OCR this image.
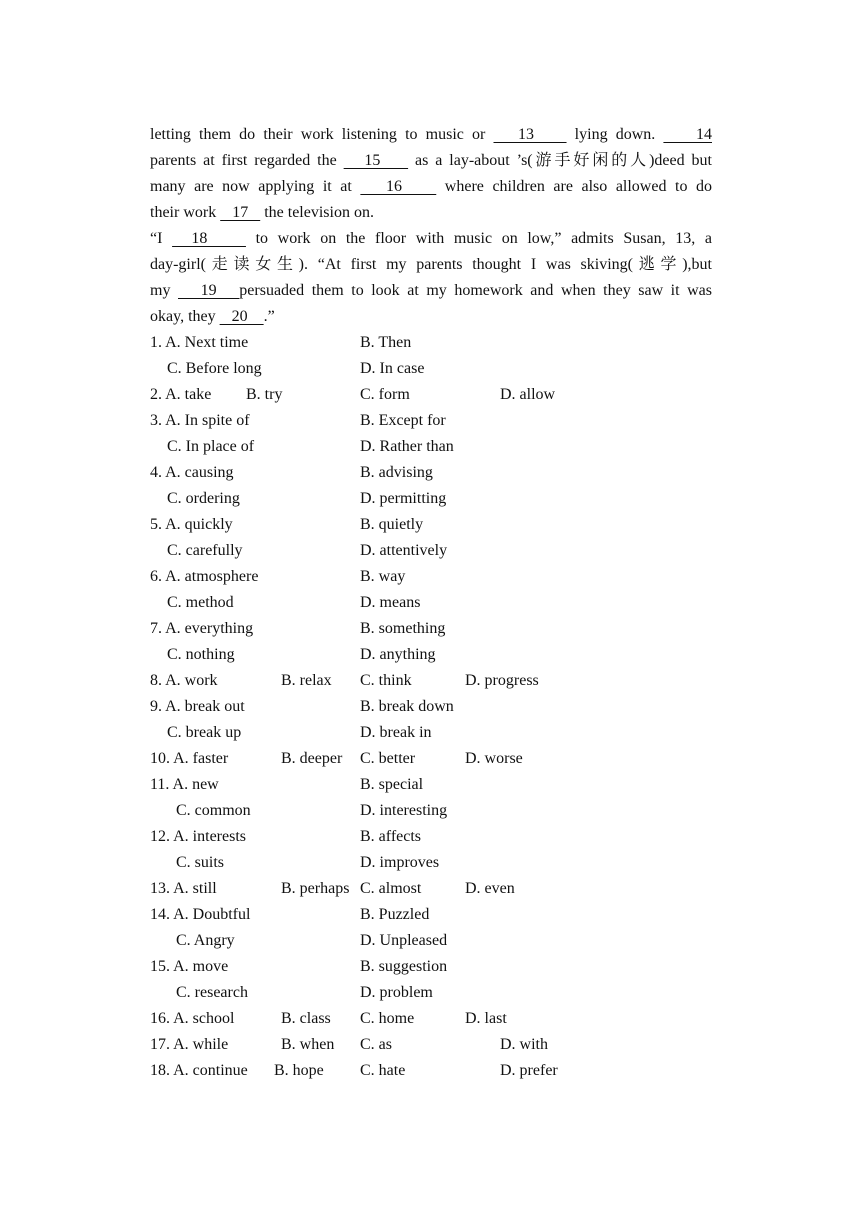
letting them do their work listening to music or    13     lying down.     14
parents at first regarded the    15     as a lay-about ’s(游手好闲的人)deed but
many are now applying it at    16     where children are also allowed to do
their work    17    the television on.
“I   18     to work on the floor with music on low,” admits Susan, 13, a
day-girl(走读女生). “At first my parents thought I was skiving(逃学),but
my    19   persuaded them to look at my homework and when they saw it was
okay, they    20    .”
1. A. Next time	B. Then
C. Before long	D. In case
2. A. take B. try	C. form	D. allow
3. A. In spite of	B. Except for
C. In place of	D. Rather than
4. A. causing	B. advising
C. ordering	D. permitting
5. A. quickly	B. quietly
C. carefully	D. attentively
6. A. atmosphere	B. way
C. method	D. means
7. A. everything	B. something
C. nothing	D. anything
8. A. work	B. relax C. think	D. progress
9. A. break out	B. break down
C. break up	D. break in
10. A. faster	B. deeper C. better	D. worse
11. A. new	B. special
C. common	D. interesting
12. A. interests	B. affects
C. suits	D. improves
13. A. still	B. perhaps C. almost	D. even
14. A. Doubtful	B. Puzzled
C. Angry	D. Unpleased
15. A. move	B. suggestion
C. research	D. problem
16. A. school	B. class C. home	D. last
17. A. while	B. when C. as	D. with
18. A. continue B. hope C. hate	D. prefer
